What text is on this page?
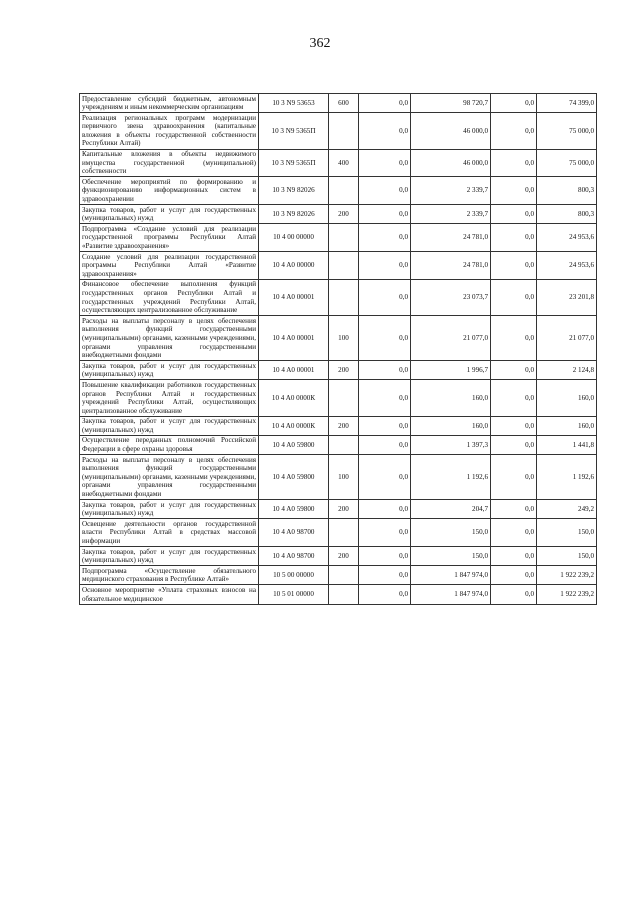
362
Предоставление субсидий бюджетным, автономным учреждениям и иным некоммерческим организациям	10 3 N9 53653	600	0,0	98 720,7	0,0	74 399,0
Реализация региональных программ модернизации первичного звена здравоохранения (капитальные вложения в объекты государственной собственности Республики Алтай)	10 3 N9 5365П		0,0	46 000,0	0,0	75 000,0
Капитальные вложения в объекты недвижимого имущества государственной (муниципальной) собственности	10 3 N9 5365П	400	0,0	46 000,0	0,0	75 000,0
Обеспечение мероприятий по формированию и функционированию информационных систем в здравоохранении	10 3 N9 82026		0,0	2 339,7	0,0	800,3
Закупка товаров, работ и услуг для государственных (муниципальных) нужд	10 3 N9 82026	200	0,0	2 339,7	0,0	800,3
Подпрограмма «Создание условий для реализации государственной программы Республики Алтай «Развитие здравоохранения»	10 4 00 00000		0,0	24 781,0	0,0	24 953,6
Создание условий для реализации государственной программы Республики Алтай «Развитие здравоохранения»	10 4 A0 00000		0,0	24 781,0	0,0	24 953,6
Финансовое обеспечение выполнения функций государственных органов Республики Алтай и государственных учреждений Республики Алтай, осуществляющих централизованное обслуживание	10 4 A0 00001		0,0	23 073,7	0,0	23 201,8
Расходы на выплаты персоналу в целях обеспечения выполнения функций государственными (муниципальными) органами, казенными учреждениями, органами управления государственными внебюджетными фондами	10 4 A0 00001	100	0,0	21 077,0	0,0	21 077,0
Закупка товаров, работ и услуг для государственных (муниципальных) нужд	10 4 A0 00001	200	0,0	1 996,7	0,0	2 124,8
Повышение квалификации работников государственных органов Республики Алтай и государственных учреждений Республики Алтай, осуществляющих централизованное обслуживание	10 4 A0 0000К		0,0	160,0	0,0	160,0
Закупка товаров, работ и услуг для государственных (муниципальных) нужд	10 4 A0 0000К	200	0,0	160,0	0,0	160,0
Осуществление переданных полномочий Российской Федерации в сфере охраны здоровья	10 4 A0 59800		0,0	1 397,3	0,0	1 441,8
Расходы на выплаты персоналу в целях обеспечения выполнения функций государственными (муниципальными) органами, казенными учреждениями, органами управления государственными внебюджетными фондами	10 4 A0 59800	100	0,0	1 192,6	0,0	1 192,6
Закупка товаров, работ и услуг для государственных (муниципальных) нужд	10 4 A0 59800	200	0,0	204,7	0,0	249,2
Освещение деятельности органов государственной власти Республики Алтай в средствах массовой информации	10 4 A0 98700		0,0	150,0	0,0	150,0
Закупка товаров, работ и услуг для государственных (муниципальных) нужд	10 4 A0 98700	200	0,0	150,0	0,0	150,0
Подпрограмма «Осуществление обязательного медицинского страхования в Республике Алтай»	10 5 00 00000		0,0	1 847 974,0	0,0	1 922 239,2
Основное мероприятие «Уплата страховых взносов на обязательное медицинское	10 5 01 00000		0,0	1 847 974,0	0,0	1 922 239,2
